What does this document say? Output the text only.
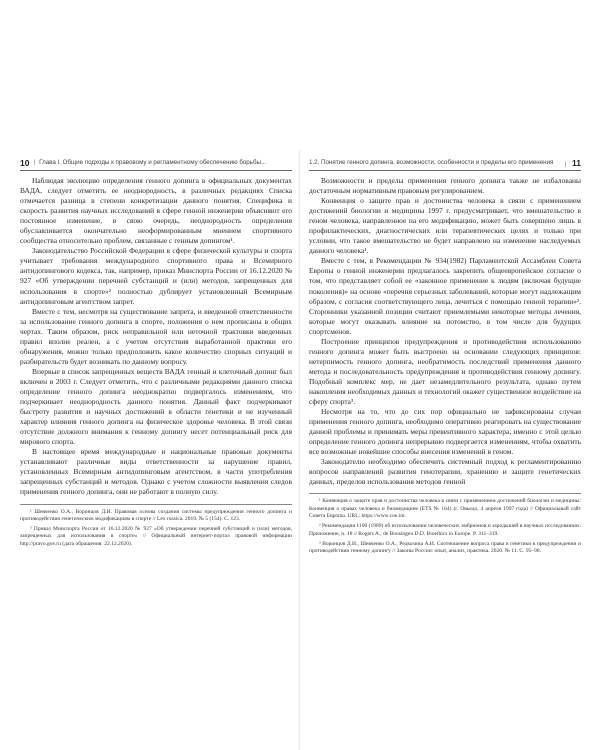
10 | Глава I. Общие подходы к правовому и регламентному обеспечению борьбы...

Наблюдая эволюцию определения генного допинга в официальных документах ВАДА, следует отметить ее неоднородность, в различных редакциях Списка отмечается разница в степени конкретизации данного понятия. Специфика и скорость развития научных исследований в сфере генной инженерии объясняют его постоянное изменение, в свою очередь, неоднородность определения обуславливается окончательно неоформированным мнением спортивного сообщества относительно проблем, связанные с генным допингом¹.

Законодательство Российской Федерации в сфере физической культуры и спорта учитывает требования международного спортивного права и Всемирного антидопингового кодекса, так, например, приказ Минспорта России от 16.12.2020 № 927 «Об утверждении перечней субстанций и (или) методов, запрещенных для использования в спорте»² полностью дублирует установленный Всемирным антидопинговым агентством запрет.

Вместе с тем, несмотря на существование запрета, и введенной ответственности за использование генного допинга в спорте, положения о нем прописаны в общих чертах. Таким образом, риск неправильной или неточной трактовки введенных правил вполне реален, а с учетом отсутствия выработанной практики его обнаружения, можно только предположить какое количество спорных ситуаций и разбирательств будет возникать по данному вопросу.

Впервые в список запрещенных веществ ВАДА генный и клеточный допинг был включен в 2003 г. Следует отметить, что с различными редакциями данного списка определение генного допинга неоднократно подвергалось изменениям, что подчеркивает неоднородность данного понятия. Данный факт подчеркивают быстроту развития и научных достижений в области генетики и не изученный характер влияния генного допинга на физическое здоровье человека. В этой связи отсутствие должного внимания к генному допингу несет потенциальный риск для мирового спорта.

В настоящее время международные и национальные правовые документы устанавливают различные виды ответственности за нарушение правил, установленных Всемирным антидопинговым агентством, в части употребления запрещенных субстанций и методов. Однако с учетом сложности выявления следов применения генного допинга, они не работают в полную силу.

¹ Шевченко О.А., Воронцов Д.И. Правовая основа создания системы предупреждения генного допинга и противодействия генетическим модификациям в спорте // Lex russica. 2019. № 5 (154). С. 123.

² Приказ Минспорта России от 16.12.2020 № 927 «Об утверждении перечней субстанций и (или) методов, запрещенных для использования в спорте» // Официальный интернет-портал правовой информации http://pravo.gov.ru (дата обращения: 22.12.2020).

1.2. Понятие генного допинга, возможности, особенности и пределы его применения	| 11

Возможности и пределы применения генного допинга также не избалованы достаточным нормативным правовым регулированием.

Конвенция о защите прав и достоинства человека в связи с применением достижений биологии и медицины 1997 г. предусматривает, что вмешательство в геном человека, направленное на его модификацию, может быть совершено лишь в профилактических, диагностических или терапевтических целях и только при условии, что такое вмешательство не будет направлено на изменение наследуемых данного человека¹.

Вместе с тем, в Рекомендации № 934(1982) Парламентской Ассамблеи Совета Европы о генной инженерии предлагалось закрепить общеевропейское согласие о том, что представляет собой ее «законное применение к людям (включая будущие поколения)» на основе «перечня серьезных заболеваний, которые могут надлежащим образом, с согласия соответствующего лица, лечиться с помощью генной терапии»². Сторонники указанной позиции считают приемлемыми некоторые методы лечения, которые могут оказывать влияние на потомство, в том числе для будущих спортсменов.

Построение принципов предупреждения и противодействия использованию генного допинга может быть выстроено на основании следующих принципов: нетерпимость генного допинга, необратимость последствий применения данного метода и последовательность предупреждения и противодействия генному допингу. Подобный комплекс мер, не дает незамедлительного результата, однако путем накопления необходимых данных и технологий окажет существенное воздействие на сферу спорта³.

Несмотря на то, что до сих пор официально не зафиксированы случаи применения генного допинга, необходимо оперативно реагировать на существование данной проблемы и принимать меры превентивного характера, именно с этой целью определение генного допинга непрерывно подвергается изменениям, чтобы охватить все возможные новейшие способы внесения изменений в геном.

Законодателю необходимо обеспечить системный подход к регламентированию вопросов направлений развития генотерапии, хранению и защите генетических данных, пределов использования методов генной

¹ Конвенция о защите прав и достоинства человека в связи с применением достижений биологии и медицины: Конвенция о правах человека и биомедицине (ETS № 164) (г. Овьедо, 4 апреля 1997 года) // Официальный сайт Совета Европы. URL: https://www.coe.int.

² Рекомендация 1100 (1989) об использовании человеческих эмбрионов и зародышей в научных исследованиях. Приложение, п. 18 // Rogers A., de Bousingen D.D. Bioethics in Europe. P. 311–319.

³ Воронцов Д.И., Шевченко О.А., Редкозина А.И. Соотношение вопроса права и генетики в предупреждении и противодействии генному допингу // Законы России: опыт, анализ, практика. 2020. № 11. С. 95–98.
